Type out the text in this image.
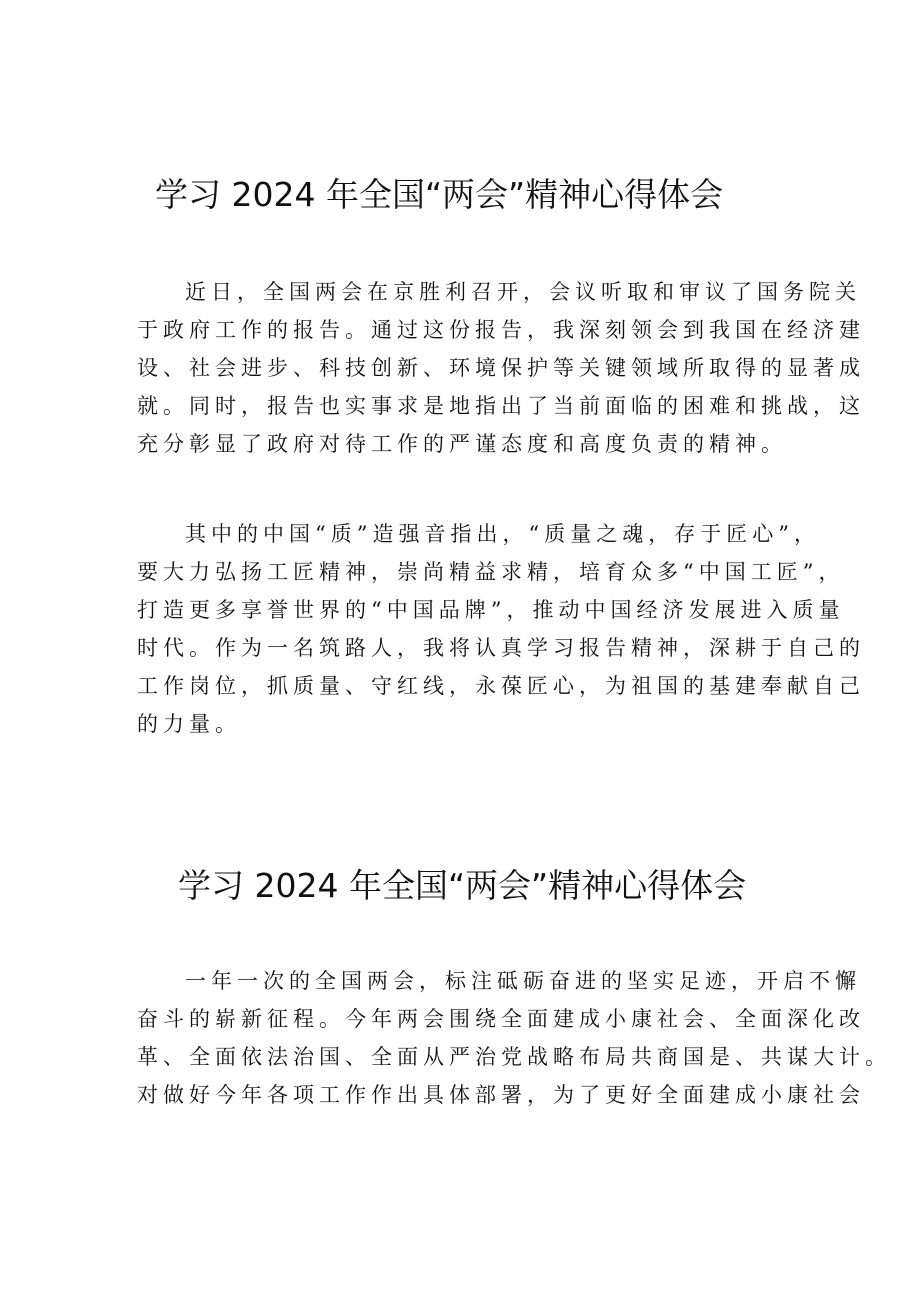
学习 2024 年全国“两会”精神心得体会

近日，全国两会在京胜利召开，会议听取和审议了国务院关
于政府工作的报告。通过这份报告，我深刻领会到我国在经济建
设、社会进步、科技创新、环境保护等关键领域所取得的显著成
就。同时，报告也实事求是地指出了当前面临的困难和挑战，这
充分彰显了政府对待工作的严谨态度和高度负责的精神。

其中的中国“质”造强音指出，“质量之魂，存于匠心”，
要大力弘扬工匠精神，崇尚精益求精，培育众多“中国工匠”，
打造更多享誉世界的“中国品牌”，推动中国经济发展进入质量
时代。作为一名筑路人，我将认真学习报告精神，深耕于自己的
工作岗位，抓质量、守红线，永葆匠心，为祖国的基建奉献自己
的力量。

学习 2024 年全国“两会”精神心得体会

一年一次的全国两会，标注砥砺奋进的坚实足迹，开启不懈
奋斗的崭新征程。今年两会围绕全面建成小康社会、全面深化改
革、全面依法治国、全面从严治党战略布局共商国是、共谋大计。
对做好今年各项工作作出具体部署，为了更好全面建成小康社会
